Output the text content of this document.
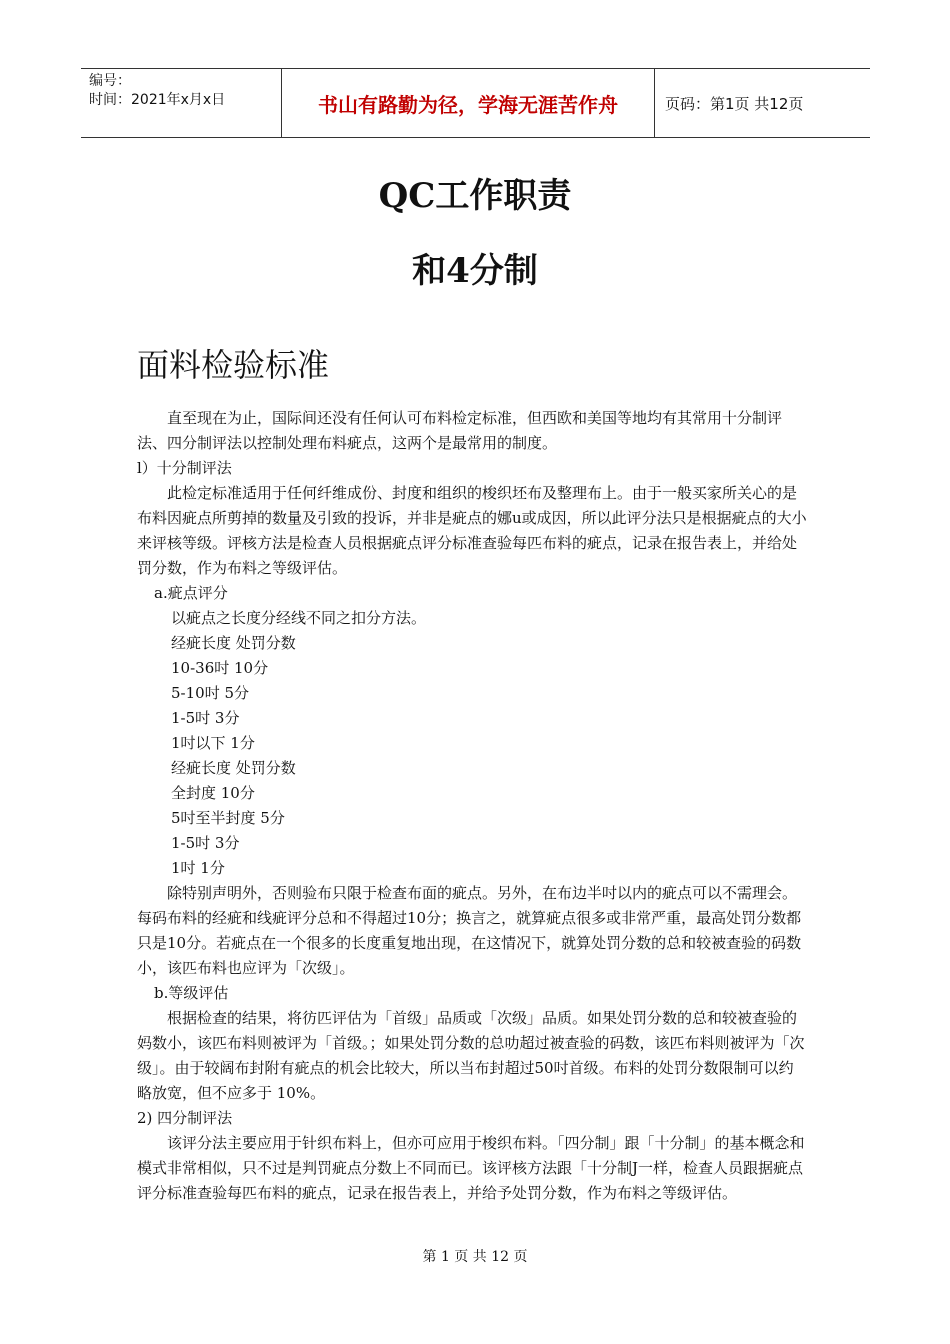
编号：
时间：2021年x月x日	书山有路勤为径，学海无涯苦作舟	页码：第1页 共12页
QC工作职责
和4分制
面料检验标准

直至现在为止，国际间还没有任何认可布料检定标准，但西欧和美国等地均有其常用十分制评法、四分制评法以控制处理布料疵点，这两个是最常用的制度。

l）十分制评法

此检定标准适用于任何纤维成份、封度和组织的梭织坯布及整理布上。由于一般买家所关心的是布料因疵点所剪掉的数量及引致的投诉，并非是疵点的娜u或成因，所以此评分法只是根据疵点的大小来评核等级。评核方法是检查人员根据疵点评分标准查验每匹布料的疵点，记录在报告表上，并给处罚分数，作为布料之等级评估。

a.疵点评分

以疵点之长度分经线不同之扣分方法。

经疵长度 处罚分数

10-36吋 10分

5-10吋 5分

1-5吋 3分

1吋以下 1分

经疵长度 处罚分数

全封度 10分

5吋至半封度 5分

1-5吋 3分

1吋 1分

除特别声明外，否则验布只限于检查布面的疵点。另外，在布边半吋以内的疵点可以不需理会。每码布料的经疵和线疵评分总和不得超过10分；换言之，就算疵点很多或非常严重，最高处罚分数都只是10分。若疵点在一个很多的长度重复地出现，在这情况下，就算处罚分数的总和较被查验的码数小，该匹布料也应评为「次级」。

b.等级评估

根据检查的结果，将彷匹评估为「首级」品质或「次级」品质。如果处罚分数的总和较被查验的妈数小，该匹布料则被评为「首级。；如果处罚分数的总叻超过被查验的码数，该匹布料则被评为「次级」。由于较阔布封附有疵点的机会比较大，所以当布封超过50吋首级。布料的处罚分数限制可以约略放宽，但不应多于 10%。

2) 四分制评法

该评分法主要应用于针织布料上，但亦可应用于梭织布料。「四分制」跟「十分制」的基本概念和模式非常相似，只不过是判罚疵点分数上不同而已。该评核方法跟「十分制J一样，检查人员跟据疵点评分标准查验每匹布料的疵点，记录在报告表上，并给予处罚分数，作为布料之等级评估。

第 1 页 共 12 页
